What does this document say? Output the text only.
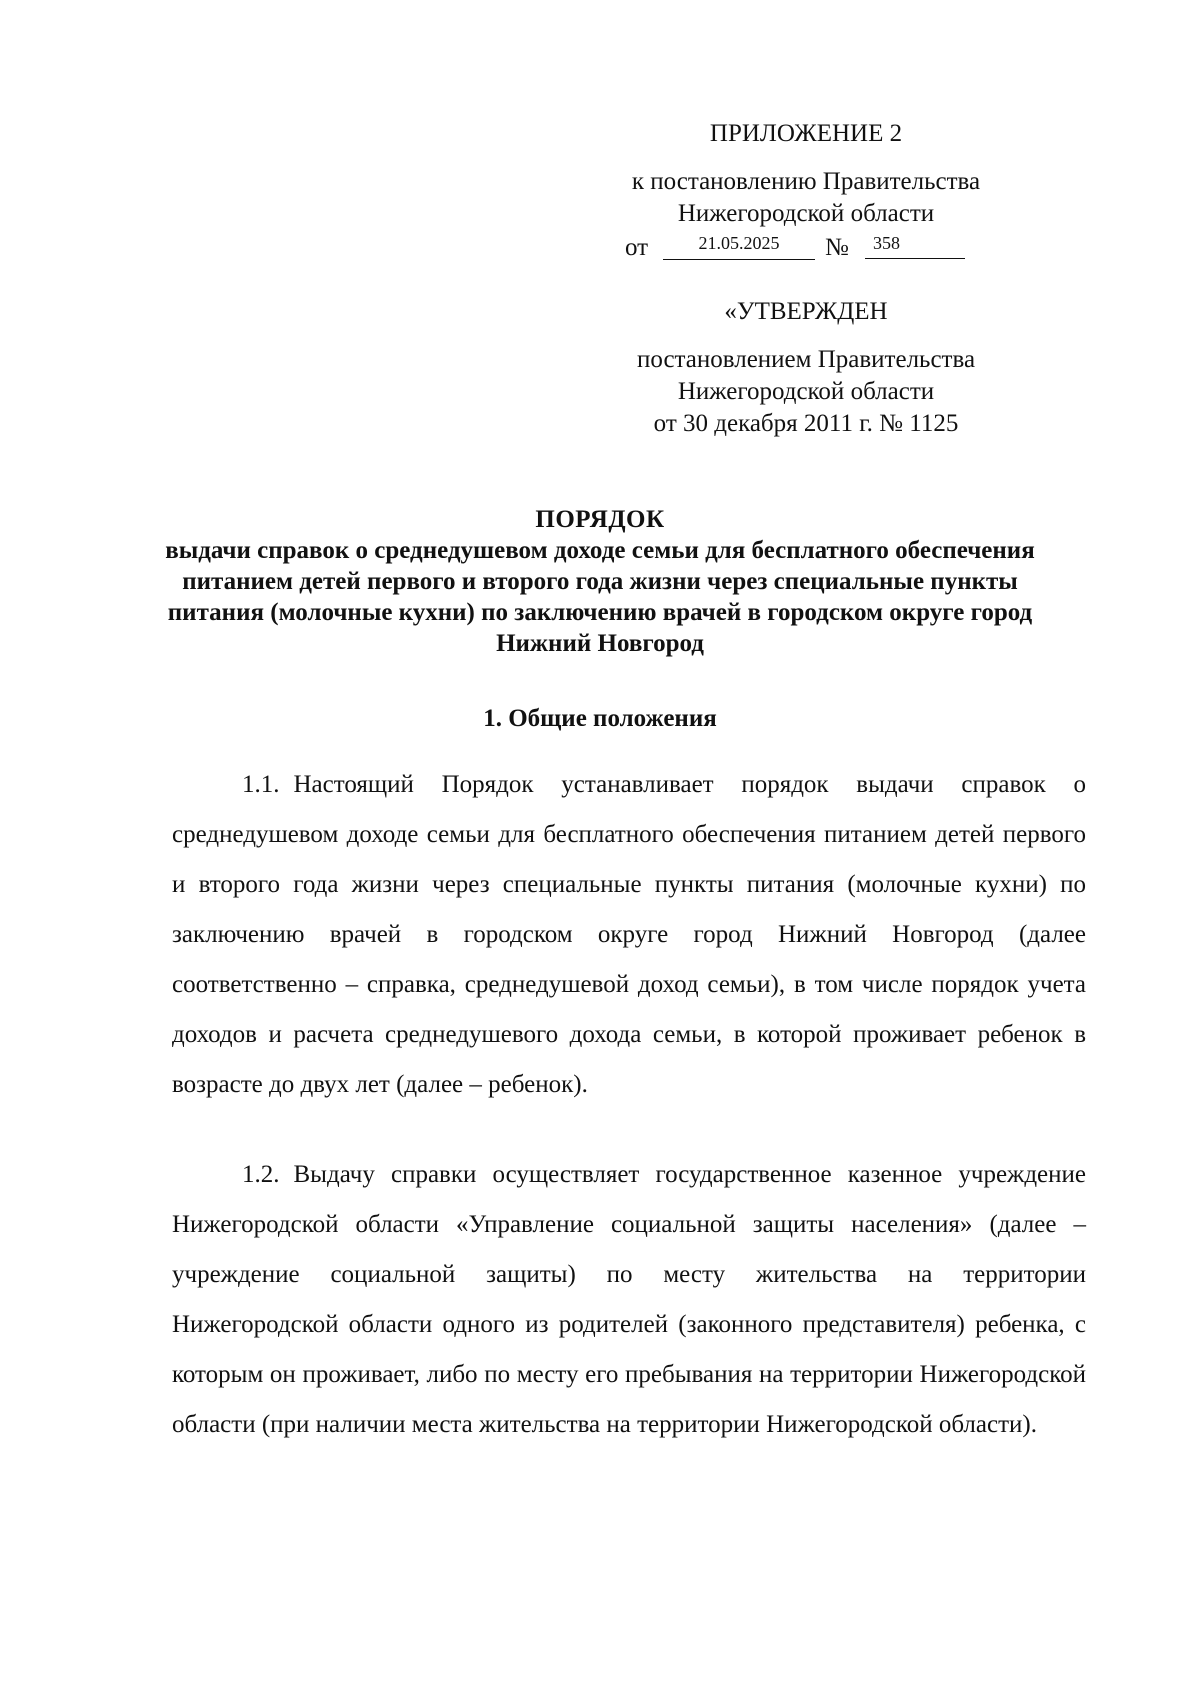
ПРИЛОЖЕНИЕ 2
к постановлению Правительства
Нижегородской области
от	21.05.2025	№	358
«УТВЕРЖДЕН
постановлением Правительства
Нижегородской области
от 30 декабря 2011 г. № 1125
ПОРЯДОК
выдачи справок о среднедушевом доходе семьи для бесплатного обеспечения питанием детей первого и второго года жизни через специальные пункты питания (молочные кухни) по заключению врачей в городском округе город Нижний Новгород
1. Общие положения

1.1. Настоящий Порядок устанавливает порядок выдачи справок о среднедушевом доходе семьи для бесплатного обеспечения питанием детей первого и второго года жизни через специальные пункты питания (молочные кухни) по заключению врачей в городском округе город Нижний Новгород (далее соответственно – справка, среднедушевой доход семьи), в том числе порядок учета доходов и расчета среднедушевого дохода семьи, в которой проживает ребенок в возрасте до двух лет (далее – ребенок).

1.2. Выдачу справки осуществляет государственное казенное учреждение Нижегородской области «Управление социальной защиты населения» (далее – учреждение социальной защиты) по месту жительства на территории Нижегородской области одного из родителей (законного представителя) ребенка, с которым он проживает, либо по месту его пребывания на территории Нижегородской области (при наличии места жительства на территории Нижегородской области).
